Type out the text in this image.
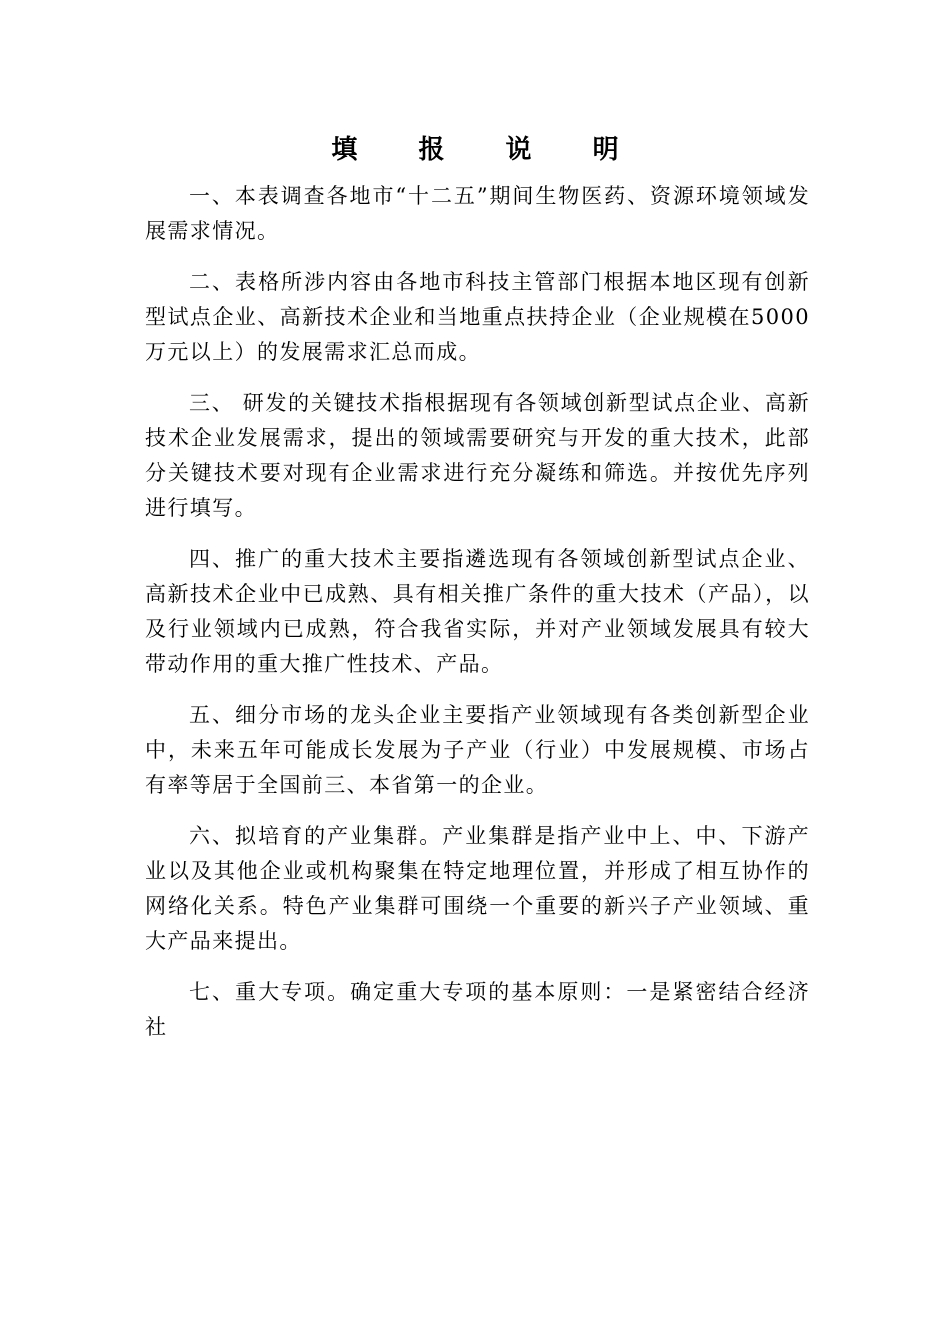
填 报 说 明

一、本表调查各地市“十二五”期间生物医药、资源环境领域发展需求情况。

二、表格所涉内容由各地市科技主管部门根据本地区现有创新型试点企业、高新技术企业和当地重点扶持企业（企业规模在5000万元以上）的发展需求汇总而成。

三、 研发的关键技术指根据现有各领域创新型试点企业、高新技术企业发展需求，提出的领域需要研究与开发的重大技术，此部分关键技术要对现有企业需求进行充分凝练和筛选。并按优先序列进行填写。

四、推广的重大技术主要指遴选现有各领域创新型试点企业、高新技术企业中已成熟、具有相关推广条件的重大技术（产品），以及行业领域内已成熟，符合我省实际，并对产业领域发展具有较大带动作用的重大推广性技术、产品。

五、细分市场的龙头企业主要指产业领域现有各类创新型企业中，未来五年可能成长发展为子产业（行业）中发展规模、市场占有率等居于全国前三、本省第一的企业。

六、拟培育的产业集群。产业集群是指产业中上、中、下游产业以及其他企业或机构聚集在特定地理位置，并形成了相互协作的网络化关系。特色产业集群可围绕一个重要的新兴子产业领域、重大产品来提出。

七、重大专项。确定重大专项的基本原则：一是紧密结合经济社
